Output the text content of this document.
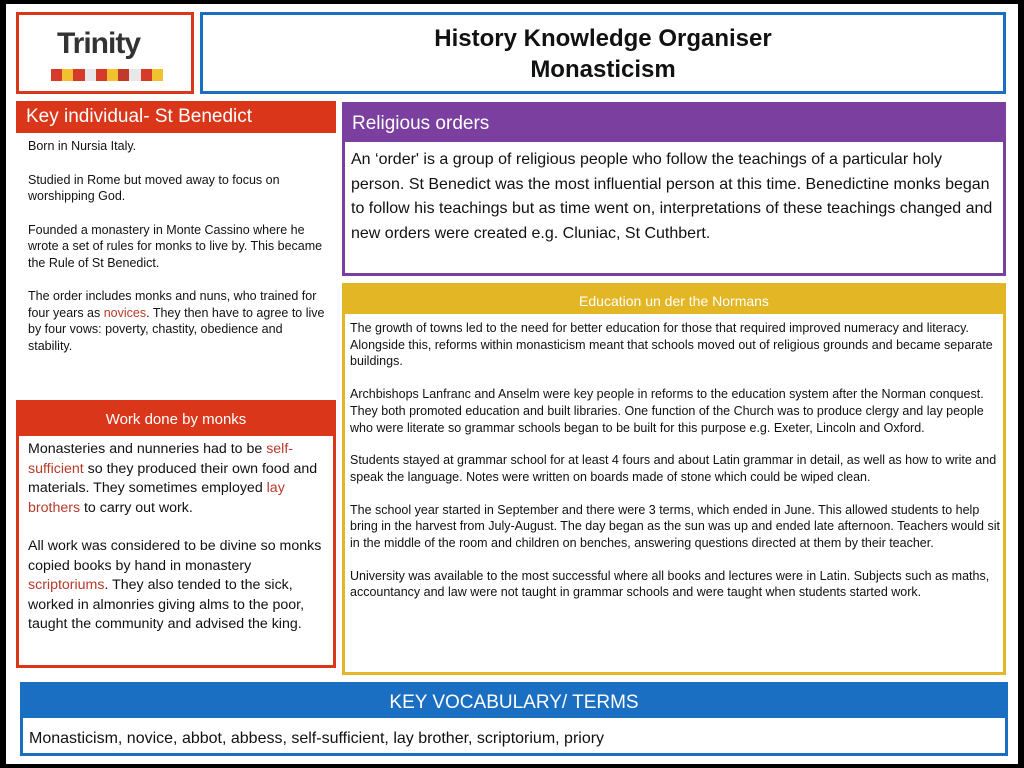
Trinity	History Knowledge Organiser
Monasticism
Key individual- St Benedict

Born in Nursia Italy.

Studied in Rome but moved away to focus on worshipping God.

Founded a monastery in Monte Cassino where he wrote a set of rules for monks to live by. This became the Rule of St Benedict.

The order includes monks and nuns, who trained for four years as novices. They then have to agree to live by four vows: poverty, chastity, obedience and stability.

Work done by monks

Monasteries and nunneries had to be self-sufficient so they produced their own food and materials. They sometimes employed lay brothers to carry out work.

All work was considered to be divine so monks copied books by hand in monastery scriptoriums. They also tended to the sick, worked in almonries giving alms to the poor, taught the community and advised the king.

Religious orders
An ‘order' is a group of religious people who follow the teachings of a particular holy person. St Benedict was the most influential person at this time. Benedictine monks began to follow his teachings but as time went on, interpretations of these teachings changed and new orders were created e.g. Cluniac, St Cuthbert.
Education un der the Normans

The growth of towns led to the need for better education for those that required improved numeracy and literacy. Alongside this, reforms within monasticism meant that schools moved out of religious grounds and became separate buildings.

Archbishops Lanfranc and Anselm were key people in reforms to the education system after the Norman conquest. They both promoted education and built libraries. One function of the Church was to produce clergy and lay people who were literate so grammar schools began to be built for this purpose e.g. Exeter, Lincoln and Oxford.

Students stayed at grammar school for at least 4 fours and about Latin grammar in detail, as well as how to write and speak the language. Notes were written on boards made of stone which could be wiped clean.

The school year started in September and there were 3 terms, which ended in June. This allowed students to help bring in the harvest from July-August. The day began as the sun was up and ended late afternoon. Teachers would sit in the middle of the room and children on benches, answering questions directed at them by their teacher.

University was available to the most successful where all books and lectures were in Latin. Subjects such as maths, accountancy and law were not taught in grammar schools and were taught when students started work.

KEY VOCABULARY/ TERMS
Monasticism, novice, abbot, abbess, self-sufficient, lay brother, scriptorium, priory
